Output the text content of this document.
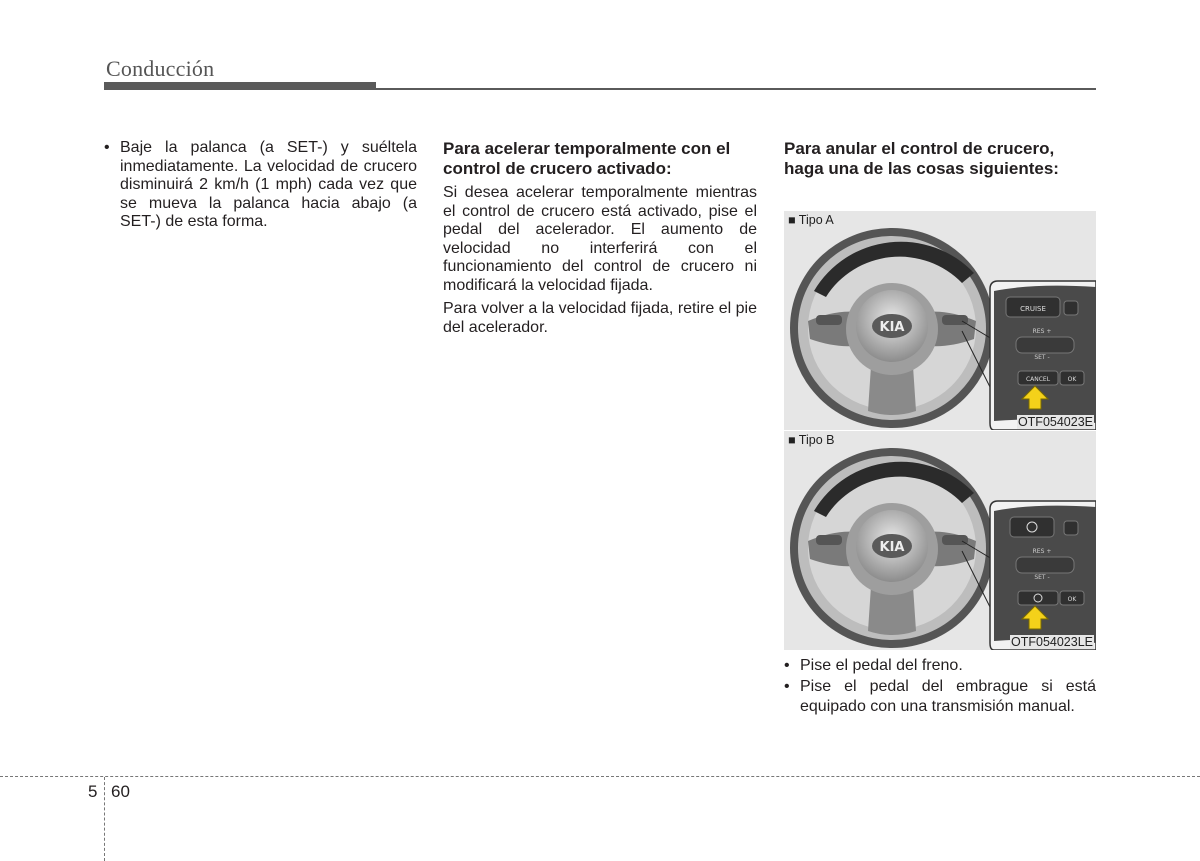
Conducción
• Baje la palanca (a SET-) y suéltela inmediatamente. La velocidad de crucero disminuirá 2 km/h (1 mph) cada vez que se mueva la palanca hacia abajo (a SET-) de esta forma.
Para acelerar temporalmente con el control de crucero activado:

Si desea acelerar temporalmente mientras el control de crucero está activado, pise el pedal del acelerador. El aumento de velocidad no interferirá con el funcionamiento del control de crucero ni modificará la velocidad fijada.

Para volver a la velocidad fijada, retire el pie del acelerador.

Para anular el control de crucero, haga una de las cosas siguientes:
KIA
CRUISE
RES +
SET -
CANCEL	OK
■ Tipo A
OTF054023E
KIA	RES +
SET -
OK
■ Tipo B
OTF054023LE
• Pise el pedal del freno.
• Pise el pedal del embrague si está equipado con una transmisión manual.
5 60
